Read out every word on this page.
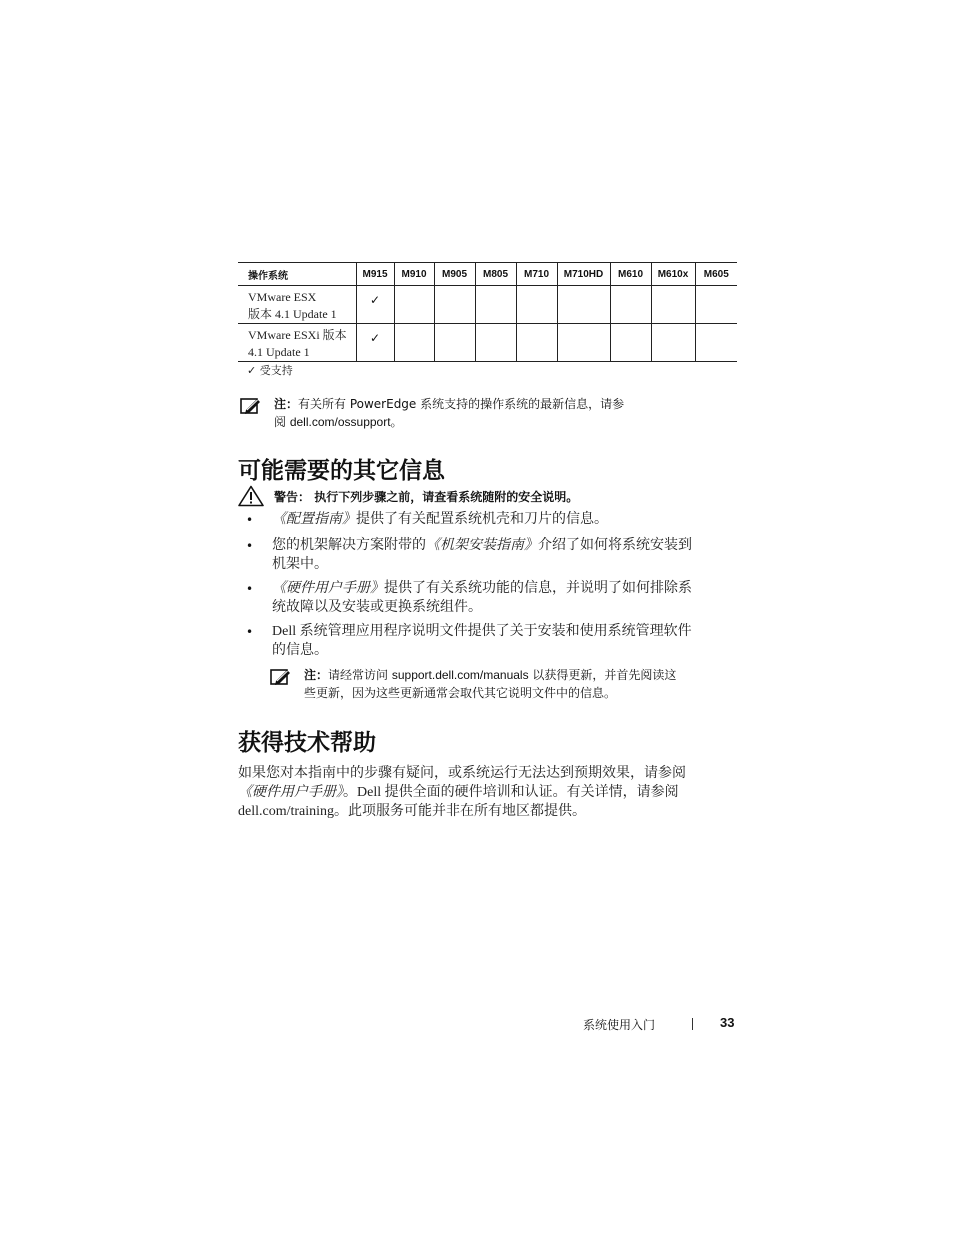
操作系统	M915	M910	M905	M805	M710	M710HD	M610	M610x	M605

VMware ESX
版本 4.1 Update 1	✓								

VMware ESXi 版本
4.1 Update 1	✓								

✓ 受支持
注：有关所有 PowerEdge 系统支持的操作系统的最新信息，请参
阅 dell.com/ossupport。
可能需要的其它信息
警告： 执行下列步骤之前，请查看系统随附的安全说明。
• 《配置指南》提供了有关配置系统机壳和刀片的信息。
• 您的机架解决方案附带的《机架安装指南》介绍了如何将系统安装到
机架中。
• 《硬件用户手册》提供了有关系统功能的信息，并说明了如何排除系
统故障以及安装或更换系统组件。
• Dell 系统管理应用程序说明文件提供了关于安装和使用系统管理软件
的信息。
注：请经常访问 support.dell.com/manuals 以获得更新，并首先阅读这
些更新，因为这些更新通常会取代其它说明文件中的信息。
获得技术帮助
如果您对本指南中的步骤有疑问，或系统运行无法达到预期效果，请参阅
《硬件用户手册》。Dell 提供全面的硬件培训和认证。有关详情，请参阅
dell.com/training。此项服务可能并非在所有地区都提供。
系统使用入门	33
